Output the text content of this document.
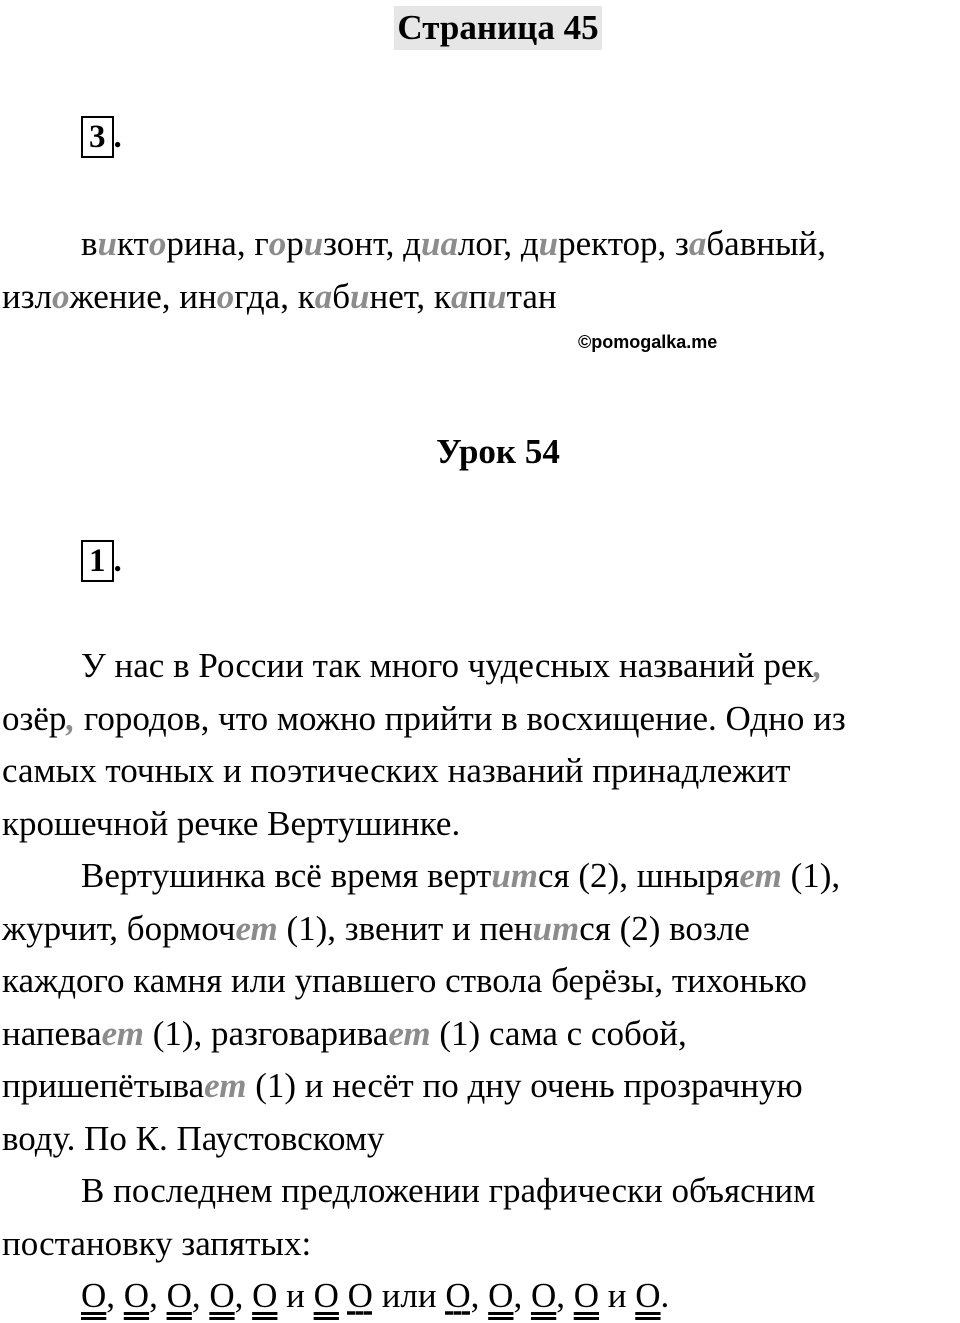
Страница 45
3 .
викторина, горизонт, диалог, директор, забавный,
изложение, иногда, кабинет, капитан
©pomogalka.me
Урок 54
1 .
У нас в России так много чудесных названий рек,
озёр, городов, что можно прийти в восхищение. Одно из
самых точных и поэтических названий принадлежит
крошечной речке Вертушинке.
Вертушинка всё время вертится (2), шныряет (1),
журчит, бормочет (1), звенит и пенится (2) возле
каждого камня или упавшего ствола берёзы, тихонько
напевает (1), разговаривает (1) сама с собой,
пришепётывает (1) и несёт по дну очень прозрачную
воду. По К. Паустовскому
В последнем предложении графически объясним
постановку запятых:
О, О, О, О, О и О О или О, О, О, О и О.
